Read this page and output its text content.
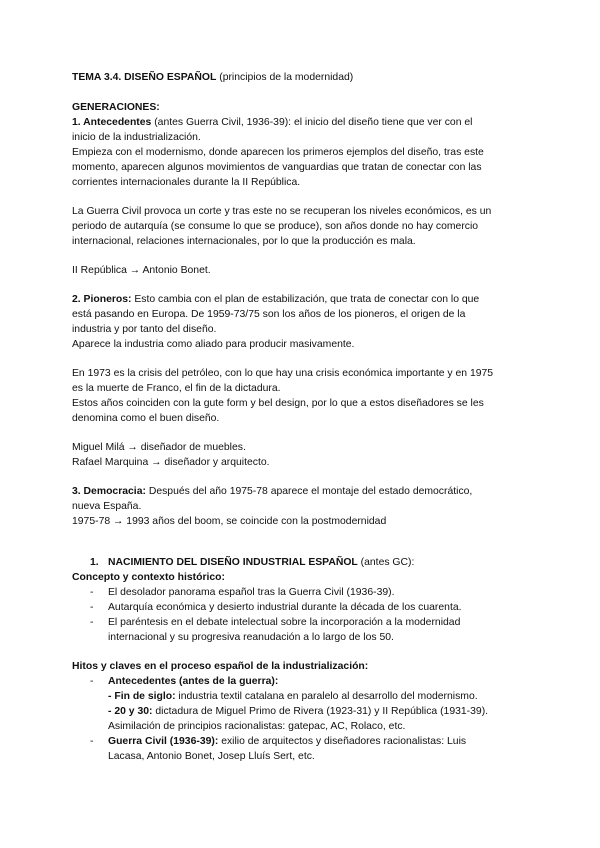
TEMA 3.4. DISEÑO ESPAÑOL (principios de la modernidad)
GENERACIONES:
1. Antecedentes (antes Guerra Civil, 1936-39): el inicio del diseño tiene que ver con el
inicio de la industrialización.
Empieza con el modernismo, donde aparecen los primeros ejemplos del diseño, tras este
momento, aparecen algunos movimientos de vanguardias que tratan de conectar con las
corrientes internacionales durante la II República.
La Guerra Civil provoca un corte y tras este no se recuperan los niveles económicos, es un
periodo de autarquía (se consume lo que se produce), son años donde no hay comercio
internacional, relaciones internacionales, por lo que la producción es mala.
II República → Antonio Bonet.
2. Pioneros: Esto cambia con el plan de estabilización, que trata de conectar con lo que
está pasando en Europa. De 1959-73/75 son los años de los pioneros, el origen de la
industria y por tanto del diseño.
Aparece la industria como aliado para producir masivamente.
En 1973 es la crisis del petróleo, con lo que hay una crisis económica importante y en 1975
es la muerte de Franco, el fin de la dictadura.
Estos años coinciden con la gute form y bel design, por lo que a estos diseñadores se les
denomina como el buen diseño.
Miguel Milá → diseñador de muebles.
Rafael Marquina → diseñador y arquitecto.
3. Democracia: Después del año 1975-78 aparece el montaje del estado democrático,
nueva España.
1975-78 → 1993 años del boom, se coincide con la postmodernidad
1. NACIMIENTO DEL DISEÑO INDUSTRIAL ESPAÑOL (antes GC):
Concepto y contexto histórico:
- El desolador panorama español tras la Guerra Civil (1936-39).
- Autarquía económica y desierto industrial durante la década de los cuarenta.
- El paréntesis en el debate intelectual sobre la incorporación a la modernidad
internacional y su progresiva reanudación a lo largo de los 50.
Hitos y claves en el proceso español de la industrialización:
- Antecedentes (antes de la guerra):
- Fin de siglo: industria textil catalana en paralelo al desarrollo del modernismo.
- 20 y 30: dictadura de Miguel Primo de Rivera (1923-31) y II República (1931-39).
Asimilación de principios racionalistas: gatepac, AC, Rolaco, etc.
- Guerra Civil (1936-39): exilio de arquitectos y diseñadores racionalistas: Luis
Lacasa, Antonio Bonet, Josep Lluís Sert, etc.
